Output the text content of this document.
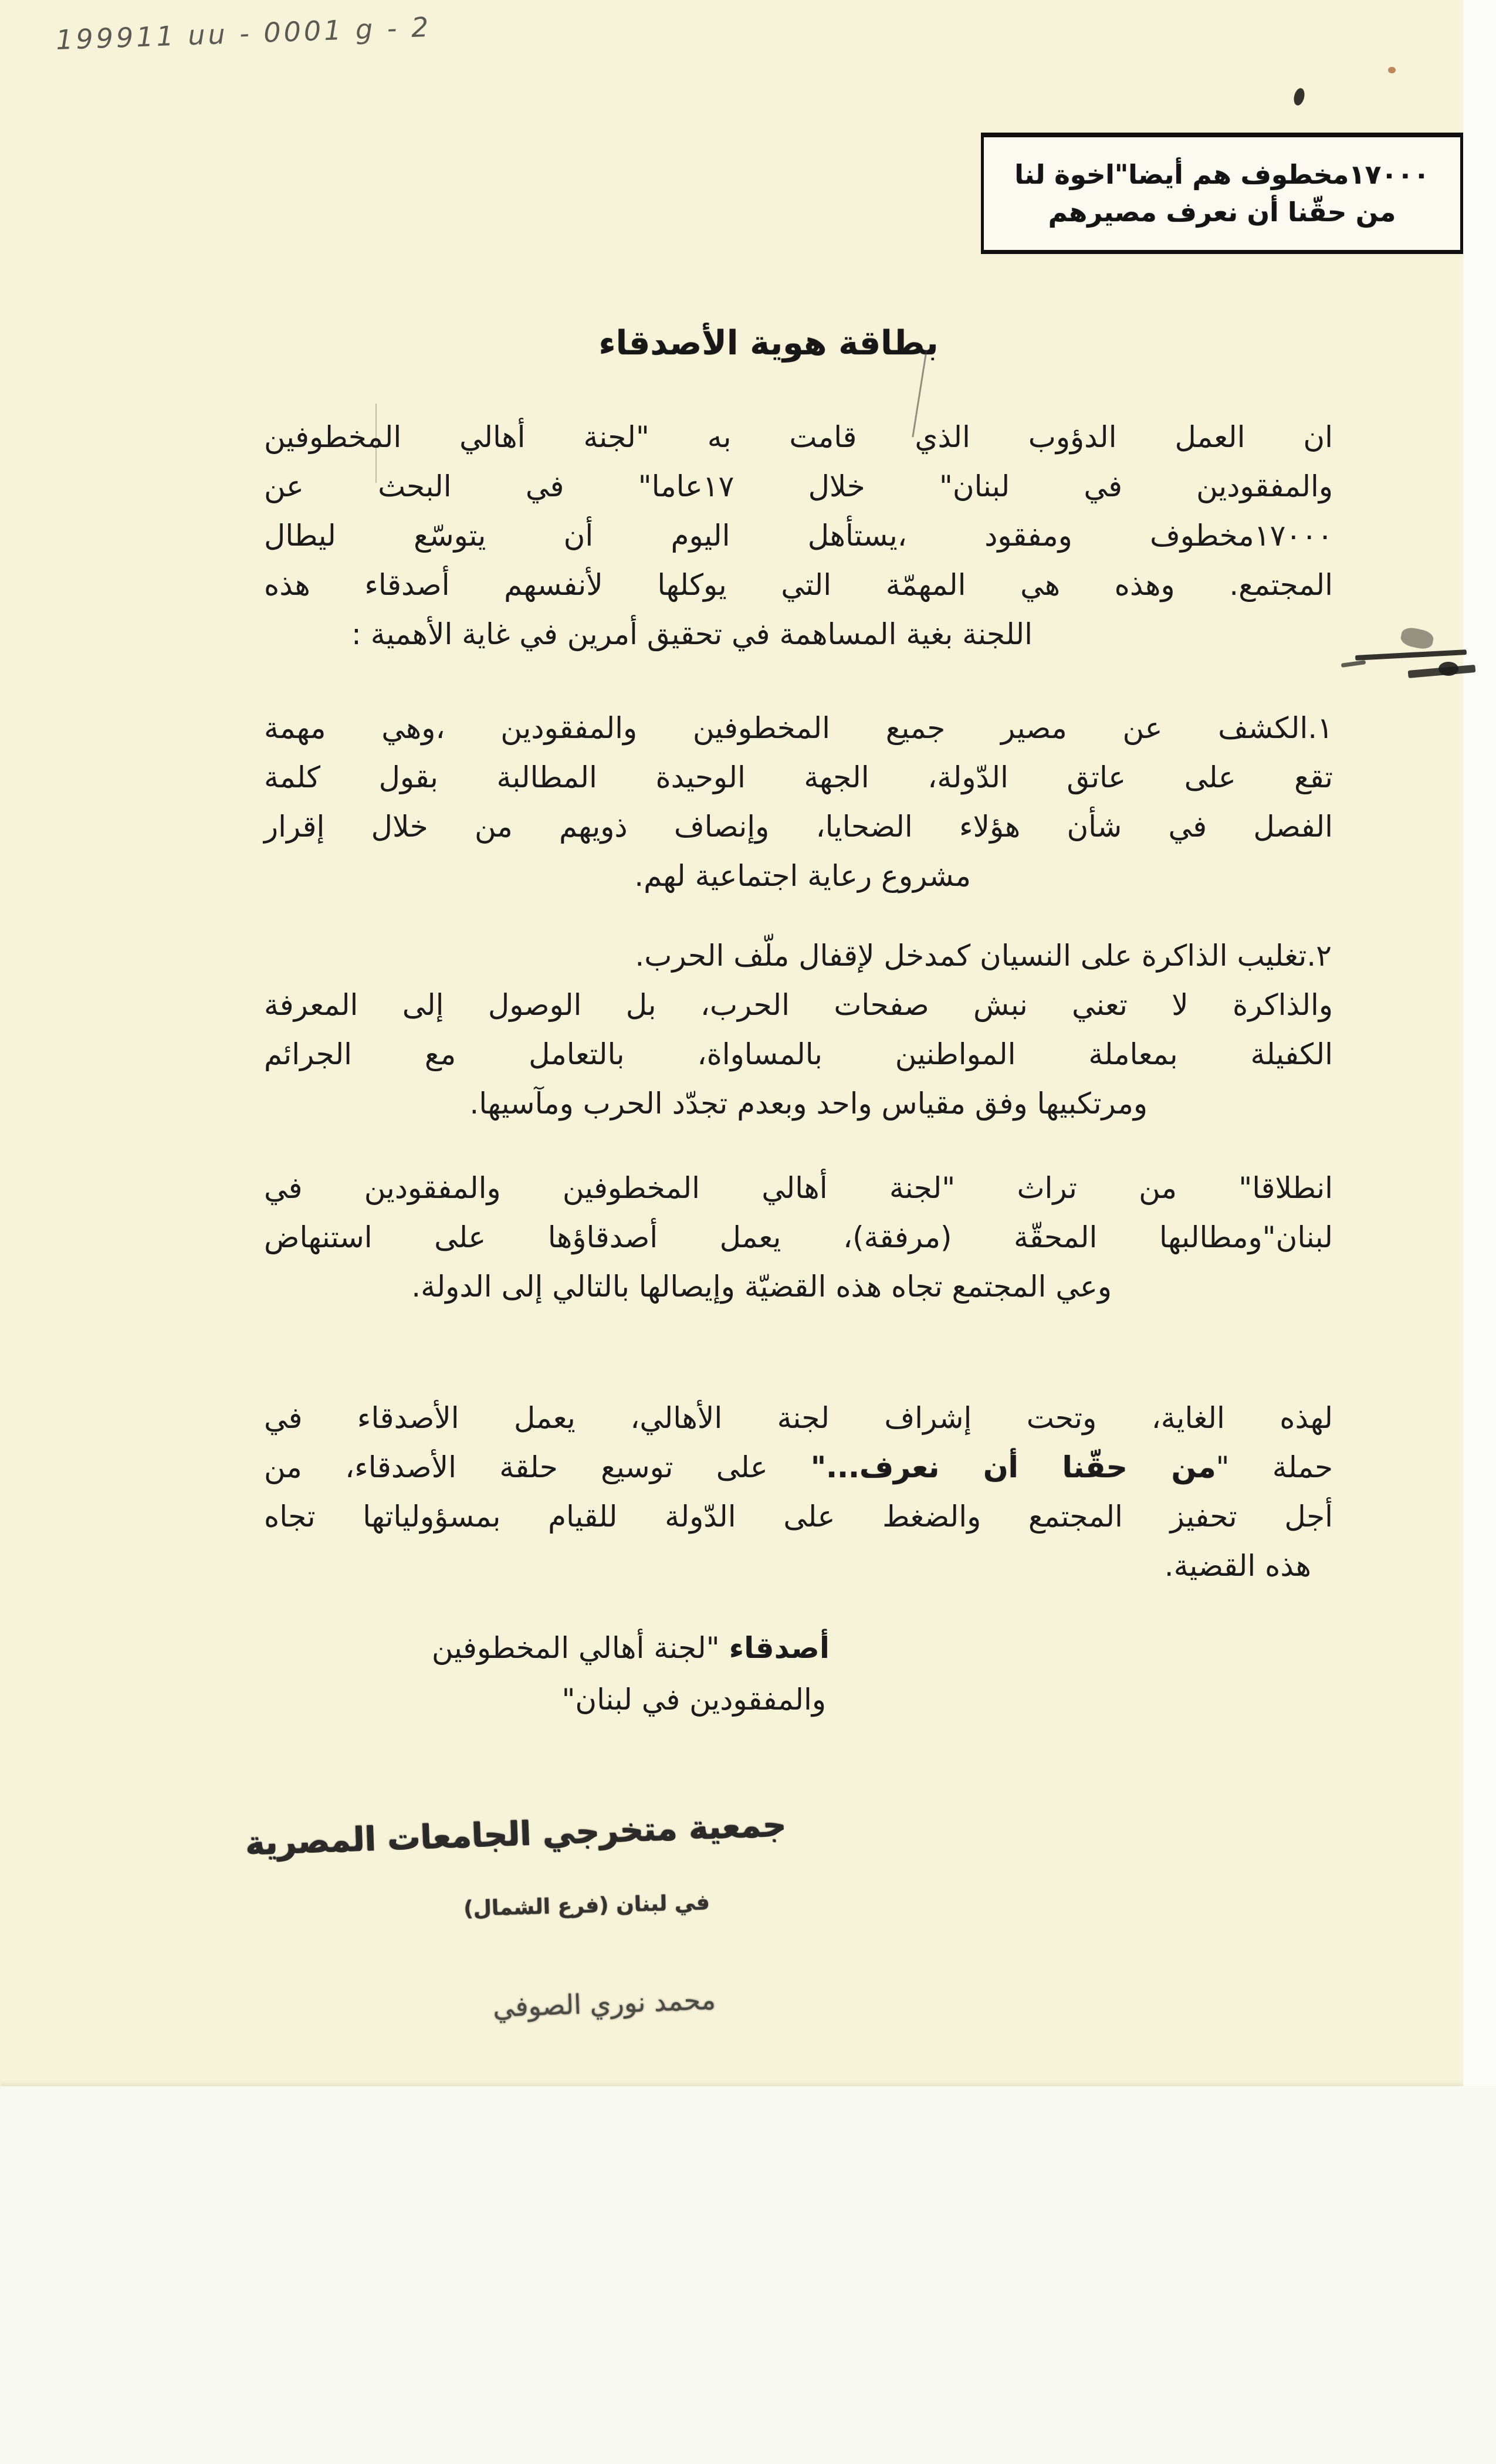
199911 uu - 0001 g - 2
١٧٠٠٠مخطوف هم أيضا"اخوة لنا
من حقّنا أن نعرف مصيرهم
بطاقة هوية الأصدقاء
ان العمل الدؤوب الذي قامت به "لجنة أهالي المخطوفين
والمفقودين في لبنان" خلال ١٧عاما" في البحث عن
١٧٠٠٠مخطوف ومفقود ،يستأهل اليوم أن يتوسّع ليطال
المجتمع. وهذه هي المهمّة التي يوكلها لأنفسهم أصدقاء هذه
اللجنة بغية المساهمة في تحقيق أمرين في غاية الأهمية :
١.الكشف عن مصير جميع المخطوفين والمفقودين ،وهي مهمة
تقع على عاتق الدّولة، الجهة الوحيدة المطالبة بقول كلمة
الفصل في شأن هؤلاء الضحايا، وإنصاف ذويهم من خلال إقرار
مشروع رعاية اجتماعية لهم.
٢.تغليب الذاكرة على النسيان كمدخل لإقفال ملّف الحرب.
والذاكرة لا تعني نبش صفحات الحرب، بل الوصول إلى المعرفة
الكفيلة بمعاملة المواطنين بالمساواة، بالتعامل مع الجرائم
ومرتكبيها وفق مقياس واحد وبعدم تجدّد الحرب ومآسيها.
انطلاقا" من تراث "لجنة أهالي المخطوفين والمفقودين في
لبنان"ومطالبها المحقّة (مرفقة)، يعمل أصدقاؤها على استنهاض
وعي المجتمع تجاه هذه القضيّة وإيصالها بالتالي إلى الدولة.
لهذه الغاية، وتحت إشراف لجنة الأهالي، يعمل الأصدقاء في
حملة "من حقّنا أن نعرف..." على توسيع حلقة الأصدقاء، من
أجل تحفيز المجتمع والضغط على الدّولة للقيام بمسؤولياتها تجاه
هذه القضية.
أصدقاء "لجنة أهالي المخطوفين
والمفقودين في لبنان"
جمعية متخرجي الجامعات المصرية
في لبنان (فرع الشمال)
محمد نوري الصوفي
